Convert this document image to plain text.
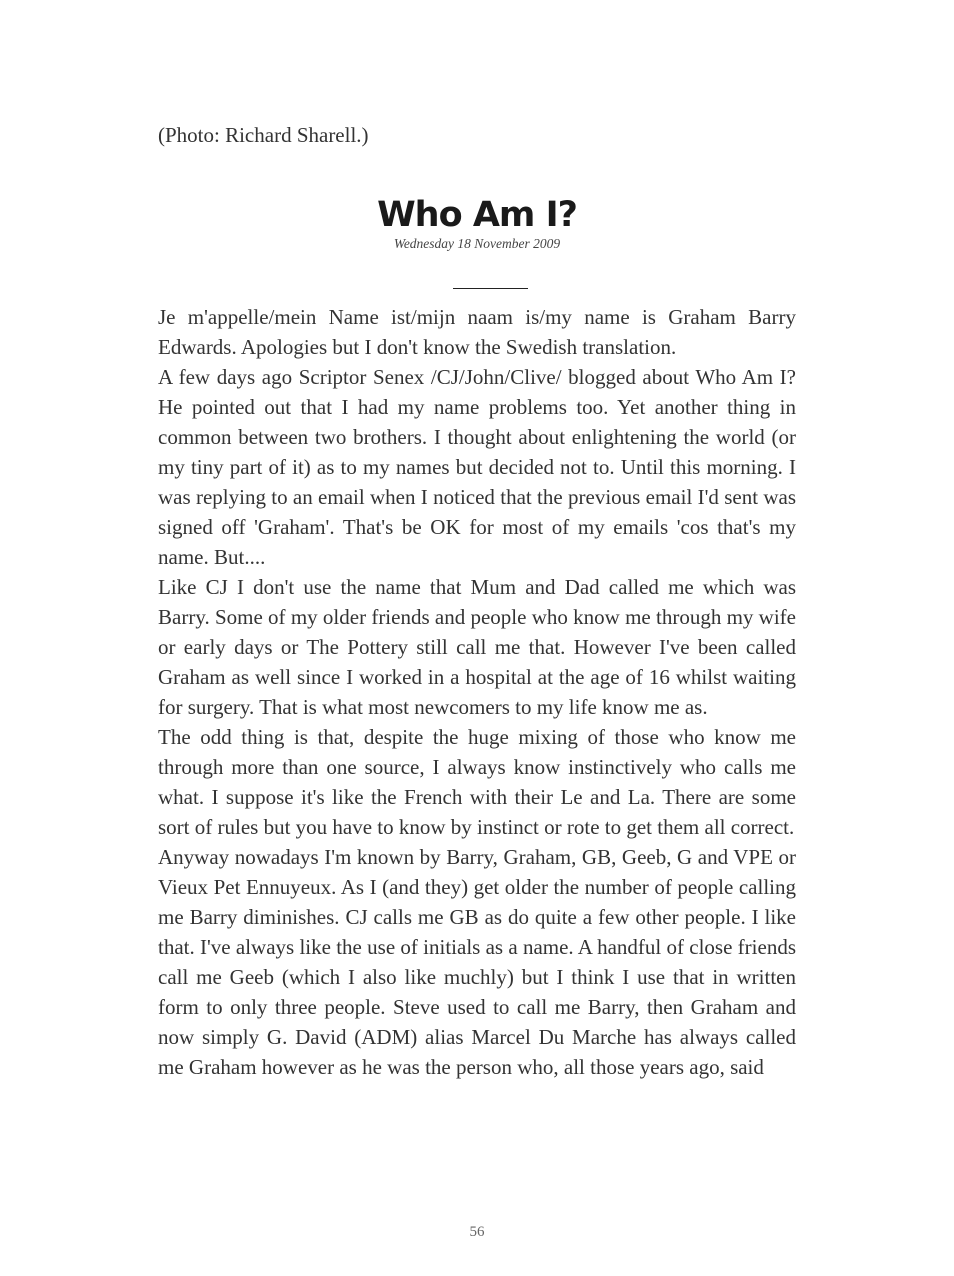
(Photo: Richard Sharell.)

Who Am I?

Wednesday 18 November 2009

Je m'appelle/mein Name ist/mijn naam is/my name is Graham Barry Edwards. Apologies but I don't know the Swedish translation.

A few days ago Scriptor Senex /CJ/John/Clive/ blogged about Who Am I? He pointed out that I had my name problems too. Yet another thing in common between two brothers. I thought about enlightening the world (or my tiny part of it) as to my names but decided not to. Until this morning. I was replying to an email when I noticed that the previous email I'd sent was signed off 'Graham'. That's be OK for most of my emails 'cos that's my name. But....

Like CJ I don't use the name that Mum and Dad called me which was Barry. Some of my older friends and people who know me through my wife or early days or The Pottery still call me that. However I've been called Graham as well since I worked in a hospital at the age of 16 whilst waiting for surgery. That is what most newcomers to my life know me as.

The odd thing is that, despite the huge mixing of those who know me through more than one source, I always know instinctively who calls me what. I suppose it's like the French with their Le and La. There are some sort of rules but you have to know by instinct or rote to get them all correct.

Anyway nowadays I'm known by Barry, Graham, GB, Geeb, G and VPE or Vieux Pet Ennuyeux. As I (and they) get older the number of people calling me Barry diminishes. CJ calls me GB as do quite a few other people. I like that. I've always like the use of initials as a name. A handful of close friends call me Geeb (which I also like muchly) but I think I use that in written form to only three people. Steve used to call me Barry, then Graham and now simply G. David (ADM) alias Marcel Du Marche has always called me Graham however as he was the person who, all those years ago, said

56
